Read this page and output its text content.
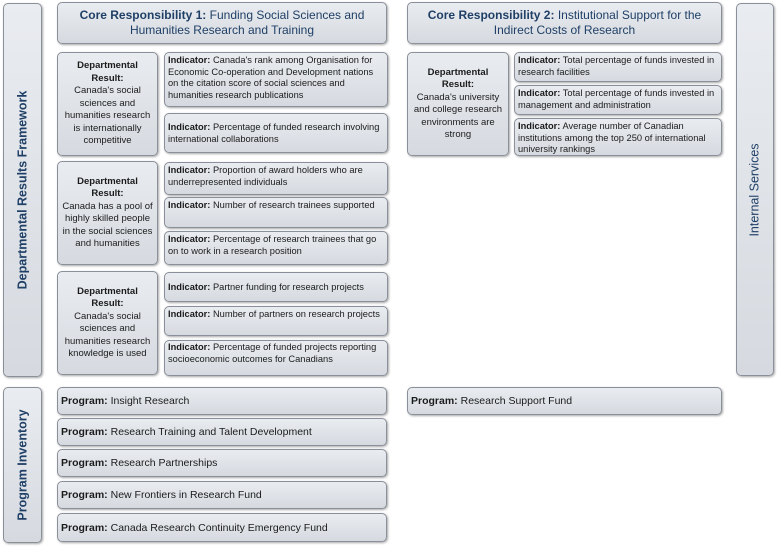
Departmental Results Framework
Program Inventory
Internal Services
Core Responsibility 1: Funding Social Sciences and Humanities Research and Training
Core Responsibility 2: Institutional Support for the Indirect Costs of Research
Departmental Result:
Canada's social sciences and humanities research is internationally competitive
Departmental Result:
Canada has a pool of highly skilled people in the social sciences and humanities
Departmental Result:
Canada's social sciences and humanities research knowledge is used
Indicator: Canada's rank among Organisation for Economic Co-operation and Development nations on the citation score of social sciences and humanities research publications
Indicator: Percentage of funded research involving international collaborations
Indicator: Proportion of award holders who are underrepresented individuals
Indicator: Number of research trainees supported
Indicator: Percentage of research trainees that go on to work in a research position
Indicator: Partner funding for research projects
Indicator: Number of partners on research projects
Indicator: Percentage of funded projects reporting socioeconomic outcomes for Canadians
Departmental Result:
Canada's university and college research environments are strong
Indicator: Total percentage of funds invested in research facilities
Indicator: Total percentage of funds invested in management and administration
Indicator: Average number of Canadian institutions among the top 250 of international university rankings
Program:
Insight Research
Program:
Research Training and Talent Development
Program:
Research Partnerships
Program:
New Frontiers in Research Fund
Program:
Canada Research Continuity Emergency Fund
Program:
Research Support Fund
